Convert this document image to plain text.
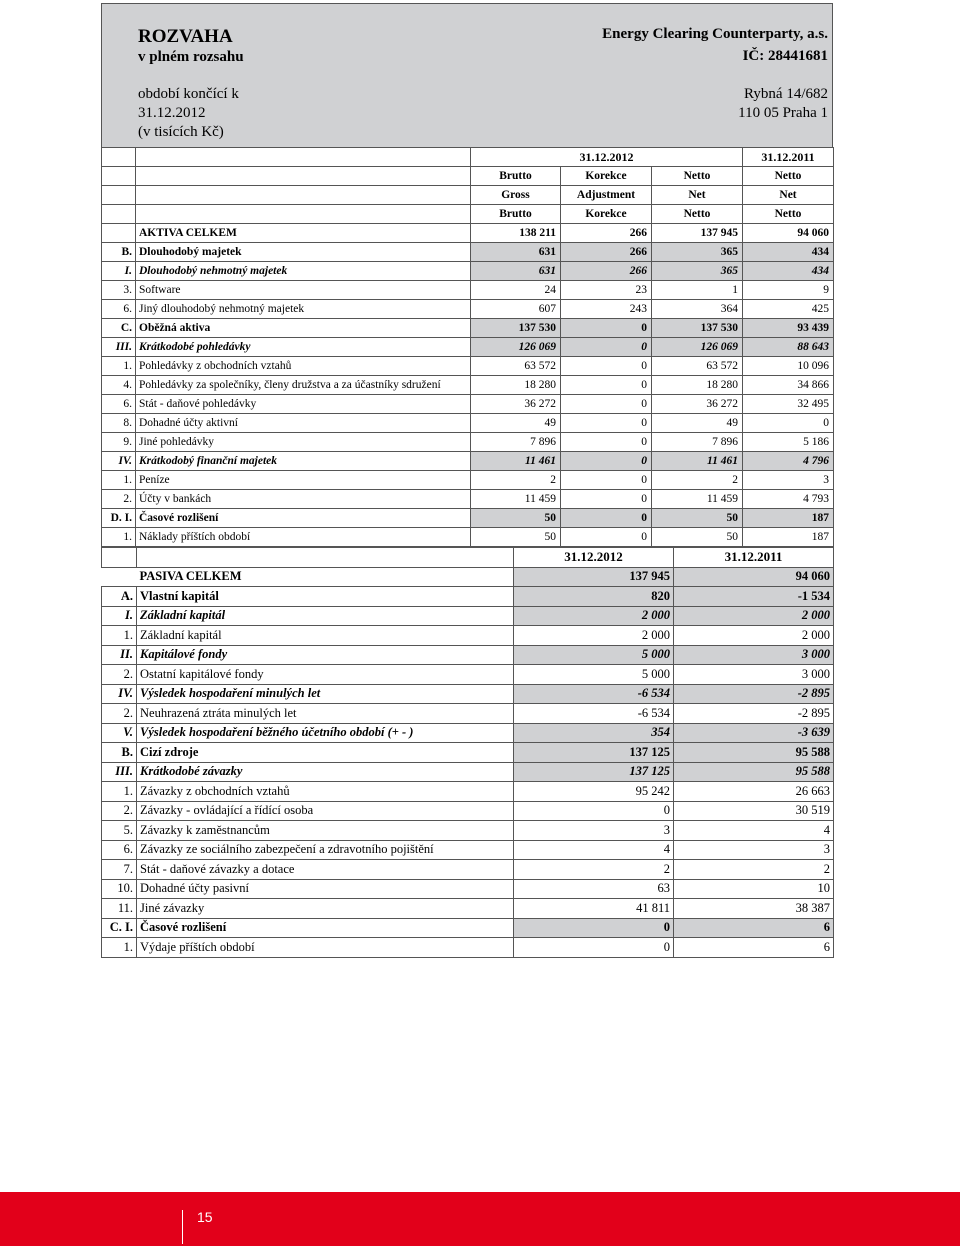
ROZVAHA
v plném rozsahu
období končící k
31.12.2012
(v tisících Kč)
Energy Clearing Counterparty, a.s.
IČ: 28441681
Rybná 14/682
110 05 Praha 1
		31.12.2012			31.12.2011
		Brutto	Korekce	Netto	Netto
		Gross	Adjustment	Net	Net
		Brutto	Korekce	Netto	Netto
	AKTIVA CELKEM	138 211	266	137 945	94 060
B.	Dlouhodobý majetek	631	266	365	434
I.	Dlouhodobý nehmotný majetek	631	266	365	434
3.	Software	24	23	1	9
6.	Jiný dlouhodobý nehmotný majetek	607	243	364	425
C.	Oběžná aktiva	137 530	0	137 530	93 439
III.	Krátkodobé pohledávky	126 069	0	126 069	88 643
1.	Pohledávky z obchodních vztahů	63 572	0	63 572	10 096
4.	Pohledávky za společníky, členy družstva a za účastníky sdružení	18 280	0	18 280	34 866
6.	Stát - daňové pohledávky	36 272	0	36 272	32 495
8.	Dohadné účty aktivní	49	0	49	0
9.	Jiné pohledávky	7 896	0	7 896	5 186
IV.	Krátkodobý finanční majetek	11 461	0	11 461	4 796
1.	Peníze	2	0	2	3
2.	Účty v bankách	11 459	0	11 459	4 793
D. I.	Časové rozlišení	50	0	50	187
1.	Náklady příštích období	50	0	50	187
		31.12.2012	31.12.2011
	PASIVA CELKEM	137 945	94 060
A.	Vlastní kapitál	820	-1 534
I.	Základní kapitál	2 000	2 000
1.	Základní kapitál	2 000	2 000
II.	Kapitálové fondy	5 000	3 000
2.	Ostatní kapitálové fondy	5 000	3 000
IV.	Výsledek hospodaření minulých let	-6 534	-2 895
2.	Neuhrazená ztráta minulých let	-6 534	-2 895
V.	Výsledek hospodaření běžného účetního období (+ - )	354	-3 639
B.	Cizí zdroje	137 125	95 588
III.	Krátkodobé závazky	137 125	95 588
1.	Závazky z obchodních vztahů	95 242	26 663
2.	Závazky - ovládající a řídící osoba	0	30 519
5.	Závazky k zaměstnancům	3	4
6.	Závazky ze sociálního zabezpečení a zdravotního pojištění	4	3
7.	Stát - daňové závazky a dotace	2	2
10.	Dohadné účty pasivní	63	10
11.	Jiné závazky	41 811	38 387
C. I.	Časové rozlišení	0	6
1.	Výdaje příštích období	0	6
15
